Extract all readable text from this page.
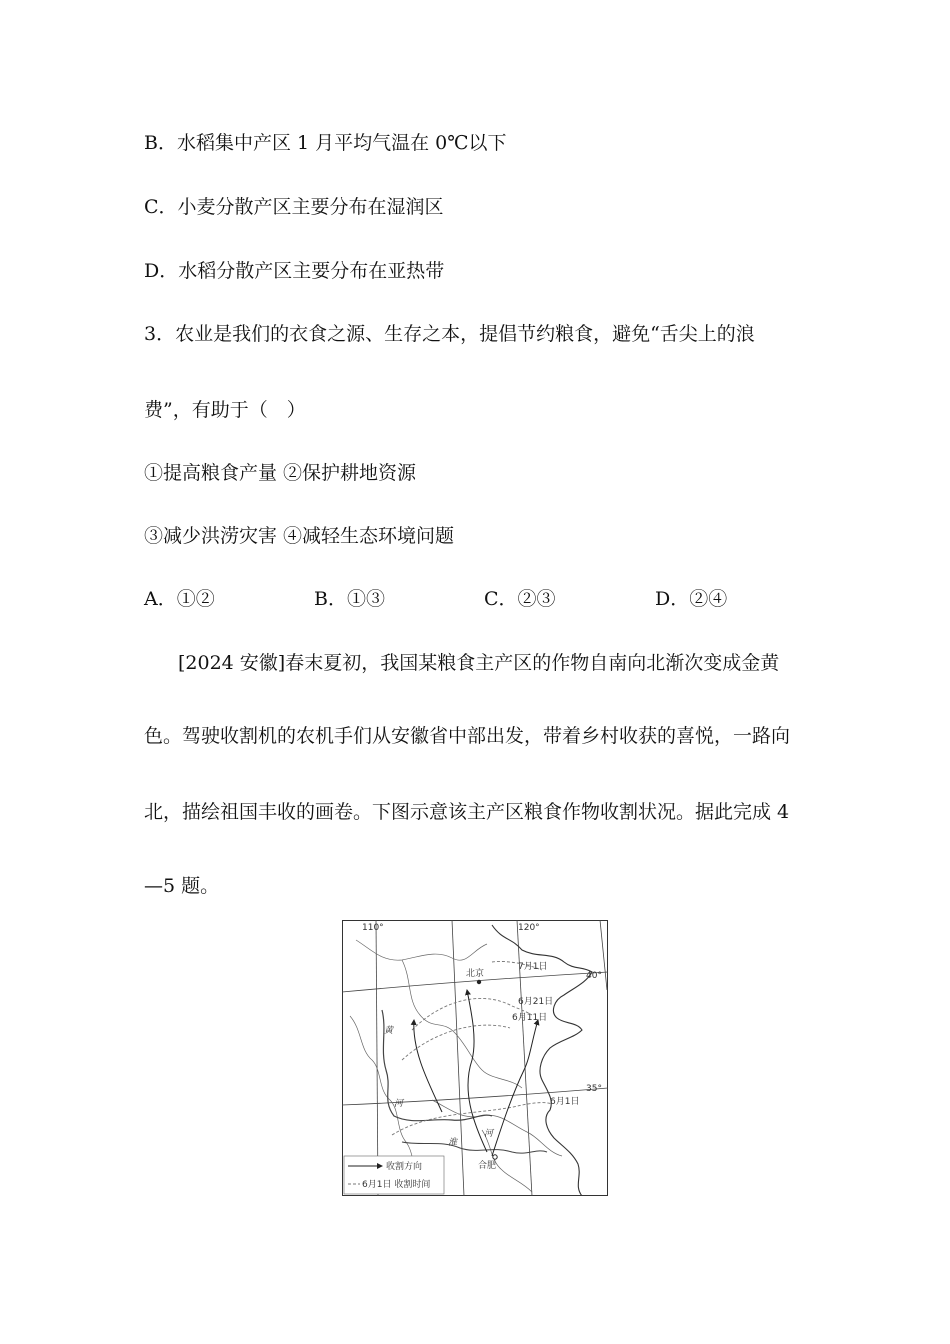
B．水稻集中产区 1 月平均气温在 0℃以下
C．小麦分散产区主要分布在湿润区
D．水稻分散产区主要分布在亚热带
3．农业是我们的衣食之源、生存之本，提倡节约粮食，避免“舌尖上的浪
费”，有助于（　）
①提高粮食产量 ②保护耕地资源
③减少洪涝灾害 ④减轻生态环境问题
A．①②	B．①③	C．②③	D．②④
[2024 安徽]春末夏初，我国某粮食主产区的作物自南向北渐次变成金黄
色。驾驶收割机的农机手们从安徽省中部出发，带着乡村收获的喜悦，一路向
北，描绘祖国丰收的画卷。下图示意该主产区粮食作物收割状况。据此完成 4
—5 题。
110°	120°
40°
35°
北京
合肥
黄
河
淮
河
7月1日
6月21日
6月11日
6月1日
收割方向
6月1日 收割时间
